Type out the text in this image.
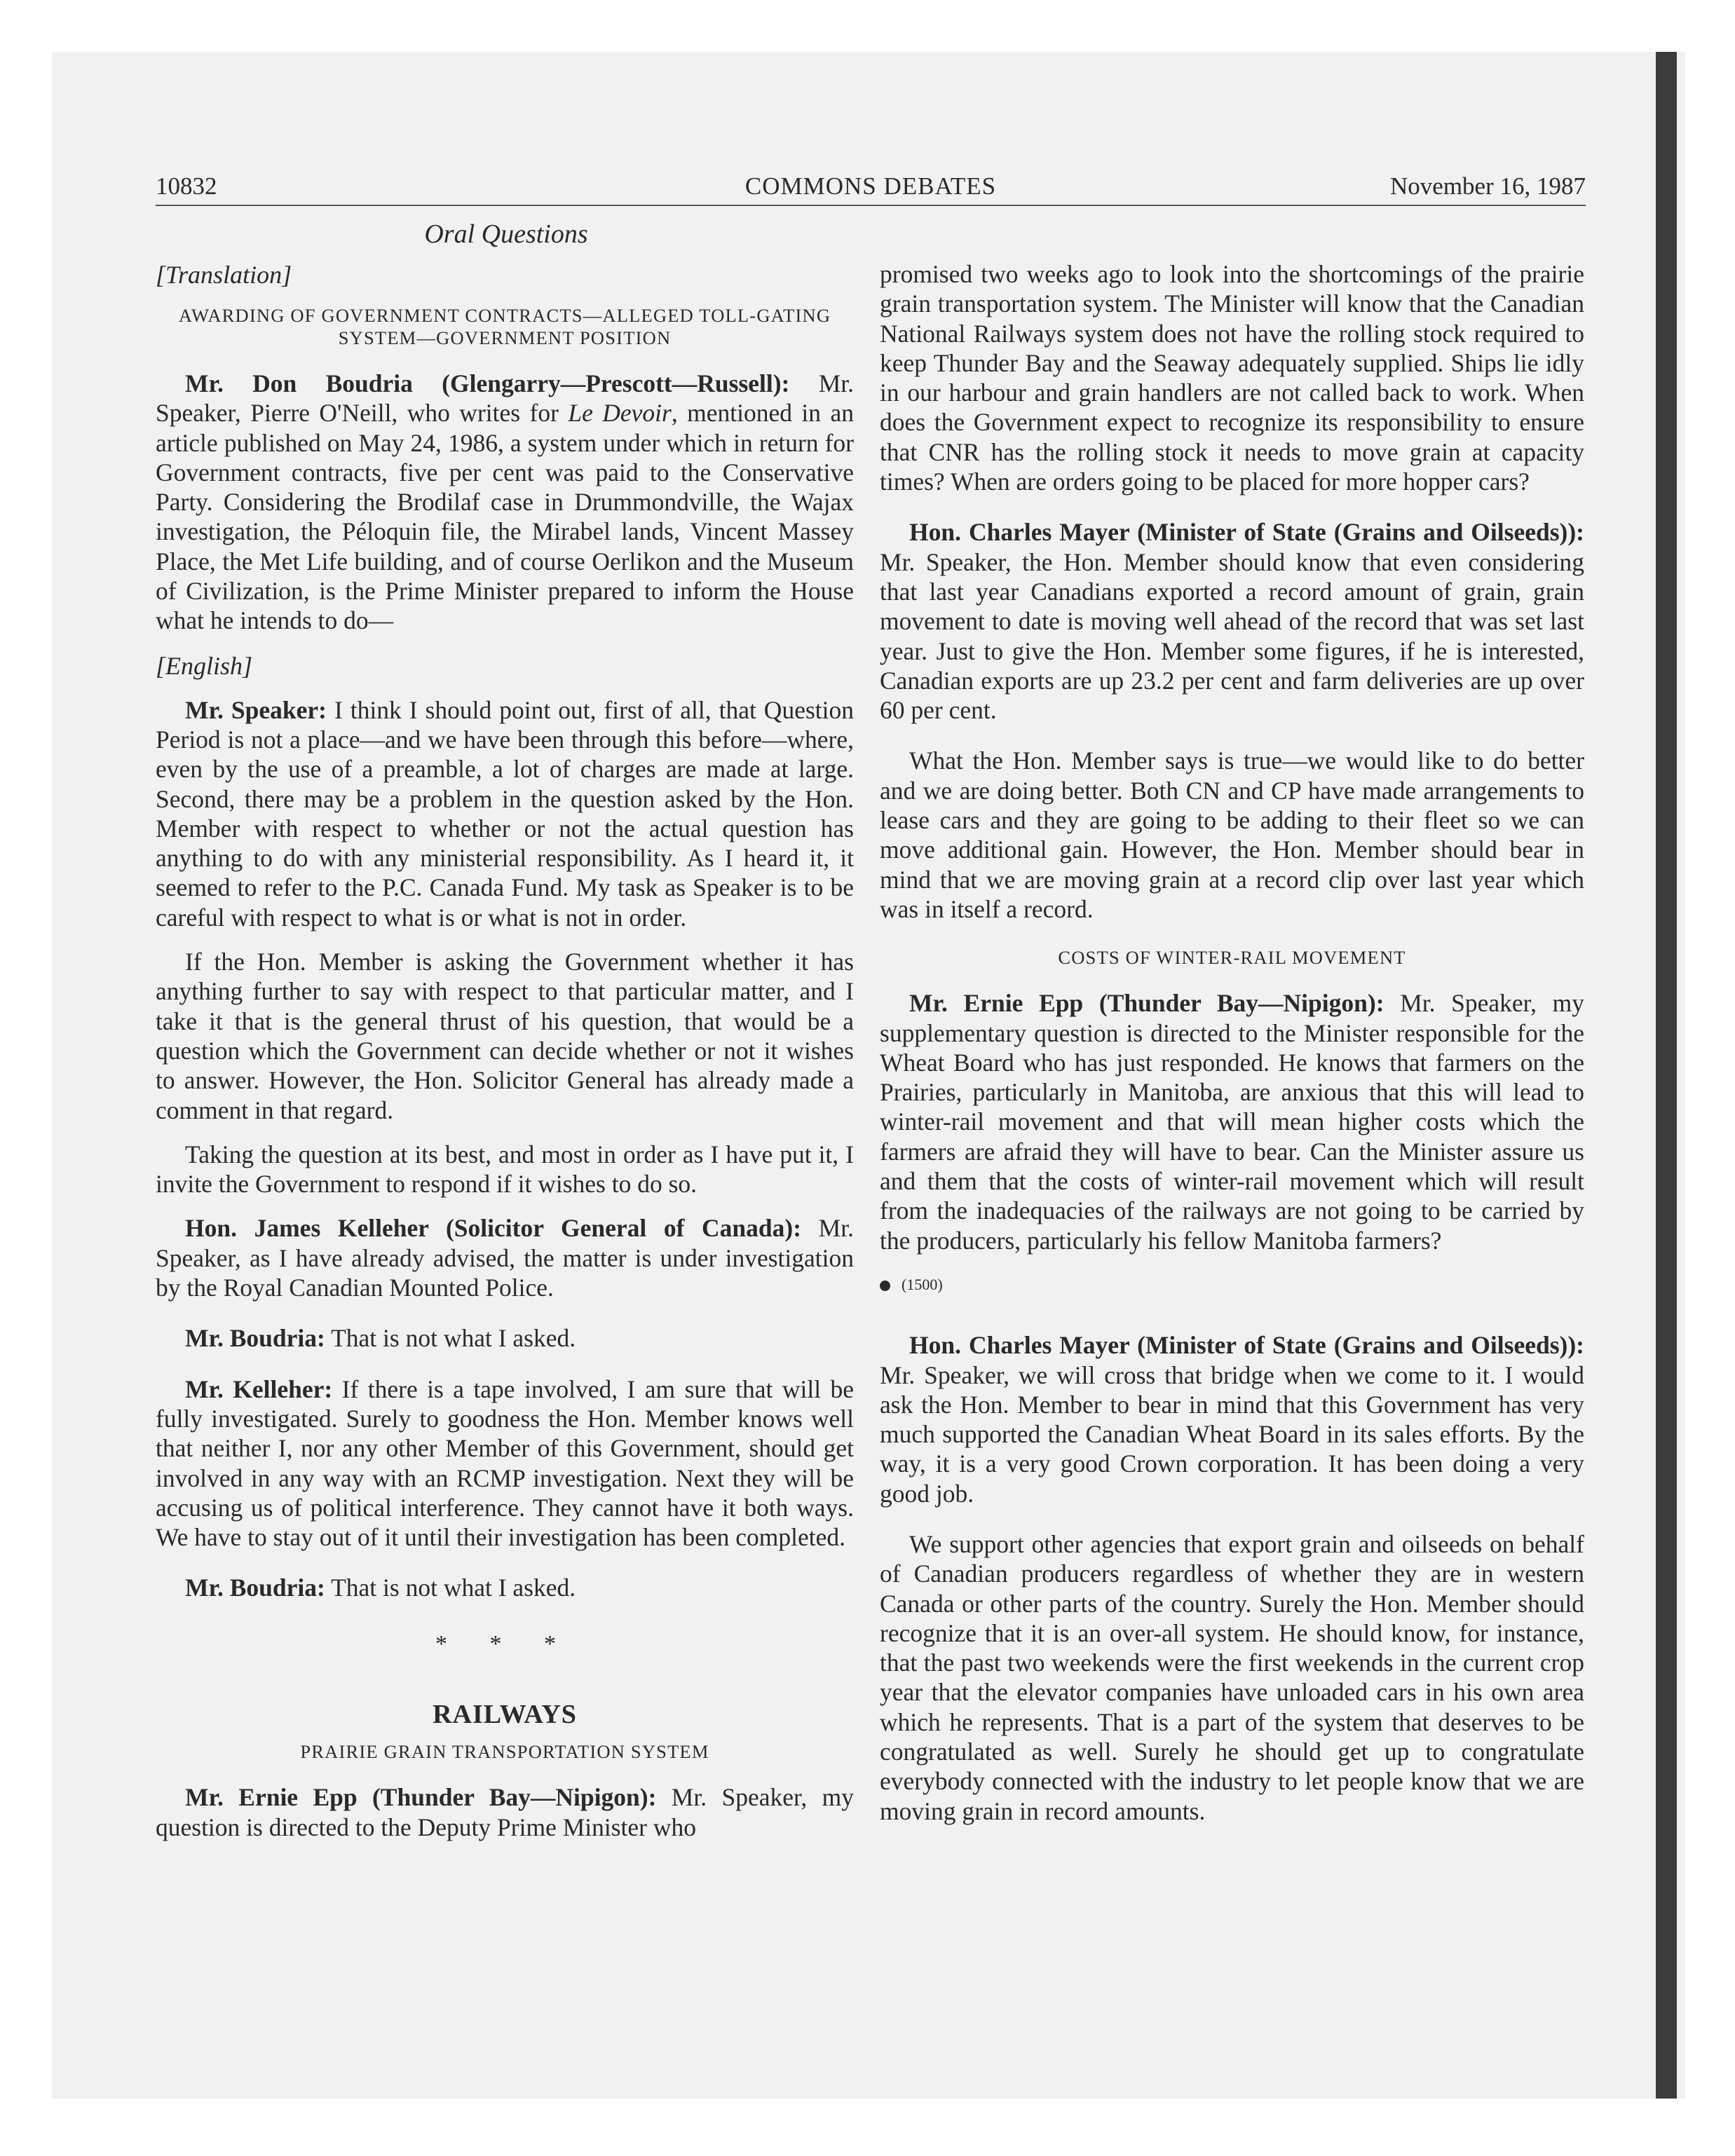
10832	COMMONS DEBATES	November 16, 1987
Oral Questions
[Translation]
AWARDING OF GOVERNMENT CONTRACTS—ALLEGED TOLL-GATING SYSTEM—GOVERNMENT POSITION

Mr. Don Boudria (Glengarry—Prescott—Russell): Mr. Speaker, Pierre O'Neill, who writes for Le Devoir, mentioned in an article published on May 24, 1986, a system under which in return for Government contracts, five per cent was paid to the Conservative Party. Considering the Brodilaf case in Drummondville, the Wajax investigation, the Péloquin file, the Mirabel lands, Vincent Massey Place, the Met Life building, and of course Oerlikon and the Museum of Civilization, is the Prime Minister prepared to inform the House what he intends to do—

[English]

Mr. Speaker: I think I should point out, first of all, that Question Period is not a place—and we have been through this before—where, even by the use of a preamble, a lot of charges are made at large. Second, there may be a problem in the question asked by the Hon. Member with respect to whether or not the actual question has anything to do with any ministerial responsibility. As I heard it, it seemed to refer to the P.C. Canada Fund. My task as Speaker is to be careful with respect to what is or what is not in order.

If the Hon. Member is asking the Government whether it has anything further to say with respect to that particular matter, and I take it that is the general thrust of his question, that would be a question which the Government can decide whether or not it wishes to answer. However, the Hon. Solicitor General has already made a comment in that regard.

Taking the question at its best, and most in order as I have put it, I invite the Government to respond if it wishes to do so.

Hon. James Kelleher (Solicitor General of Canada): Mr. Speaker, as I have already advised, the matter is under investigation by the Royal Canadian Mounted Police.

Mr. Boudria: That is not what I asked.

Mr. Kelleher: If there is a tape involved, I am sure that will be fully investigated. Surely to goodness the Hon. Member knows well that neither I, nor any other Member of this Government, should get involved in any way with an RCMP investigation. Next they will be accusing us of political interference. They cannot have it both ways. We have to stay out of it until their investigation has been completed.

Mr. Boudria: That is not what I asked.

* * *
RAILWAYS
PRAIRIE GRAIN TRANSPORTATION SYSTEM

Mr. Ernie Epp (Thunder Bay—Nipigon): Mr. Speaker, my question is directed to the Deputy Prime Minister who

promised two weeks ago to look into the shortcomings of the prairie grain transportation system. The Minister will know that the Canadian National Railways system does not have the rolling stock required to keep Thunder Bay and the Seaway adequately supplied. Ships lie idly in our harbour and grain handlers are not called back to work. When does the Government expect to recognize its responsibility to ensure that CNR has the rolling stock it needs to move grain at capacity times? When are orders going to be placed for more hopper cars?

Hon. Charles Mayer (Minister of State (Grains and Oilseeds)): Mr. Speaker, the Hon. Member should know that even considering that last year Canadians exported a record amount of grain, grain movement to date is moving well ahead of the record that was set last year. Just to give the Hon. Member some figures, if he is interested, Canadian exports are up 23.2 per cent and farm deliveries are up over 60 per cent.

What the Hon. Member says is true—we would like to do better and we are doing better. Both CN and CP have made arrangements to lease cars and they are going to be adding to their fleet so we can move additional gain. However, the Hon. Member should bear in mind that we are moving grain at a record clip over last year which was in itself a record.

COSTS OF WINTER-RAIL MOVEMENT

Mr. Ernie Epp (Thunder Bay—Nipigon): Mr. Speaker, my supplementary question is directed to the Minister responsible for the Wheat Board who has just responded. He knows that farmers on the Prairies, particularly in Manitoba, are anxious that this will lead to winter-rail movement and that will mean higher costs which the farmers are afraid they will have to bear. Can the Minister assure us and them that the costs of winter-rail movement which will result from the inadequacies of the railways are not going to be carried by the producers, particularly his fellow Manitoba farmers?

(1500)

Hon. Charles Mayer (Minister of State (Grains and Oilseeds)): Mr. Speaker, we will cross that bridge when we come to it. I would ask the Hon. Member to bear in mind that this Government has very much supported the Canadian Wheat Board in its sales efforts. By the way, it is a very good Crown corporation. It has been doing a very good job.

We support other agencies that export grain and oilseeds on behalf of Canadian producers regardless of whether they are in western Canada or other parts of the country. Surely the Hon. Member should recognize that it is an over-all system. He should know, for instance, that the past two weekends were the first weekends in the current crop year that the elevator companies have unloaded cars in his own area which he represents. That is a part of the system that deserves to be congratulated as well. Surely he should get up to congratulate everybody connected with the industry to let people know that we are moving grain in record amounts.
